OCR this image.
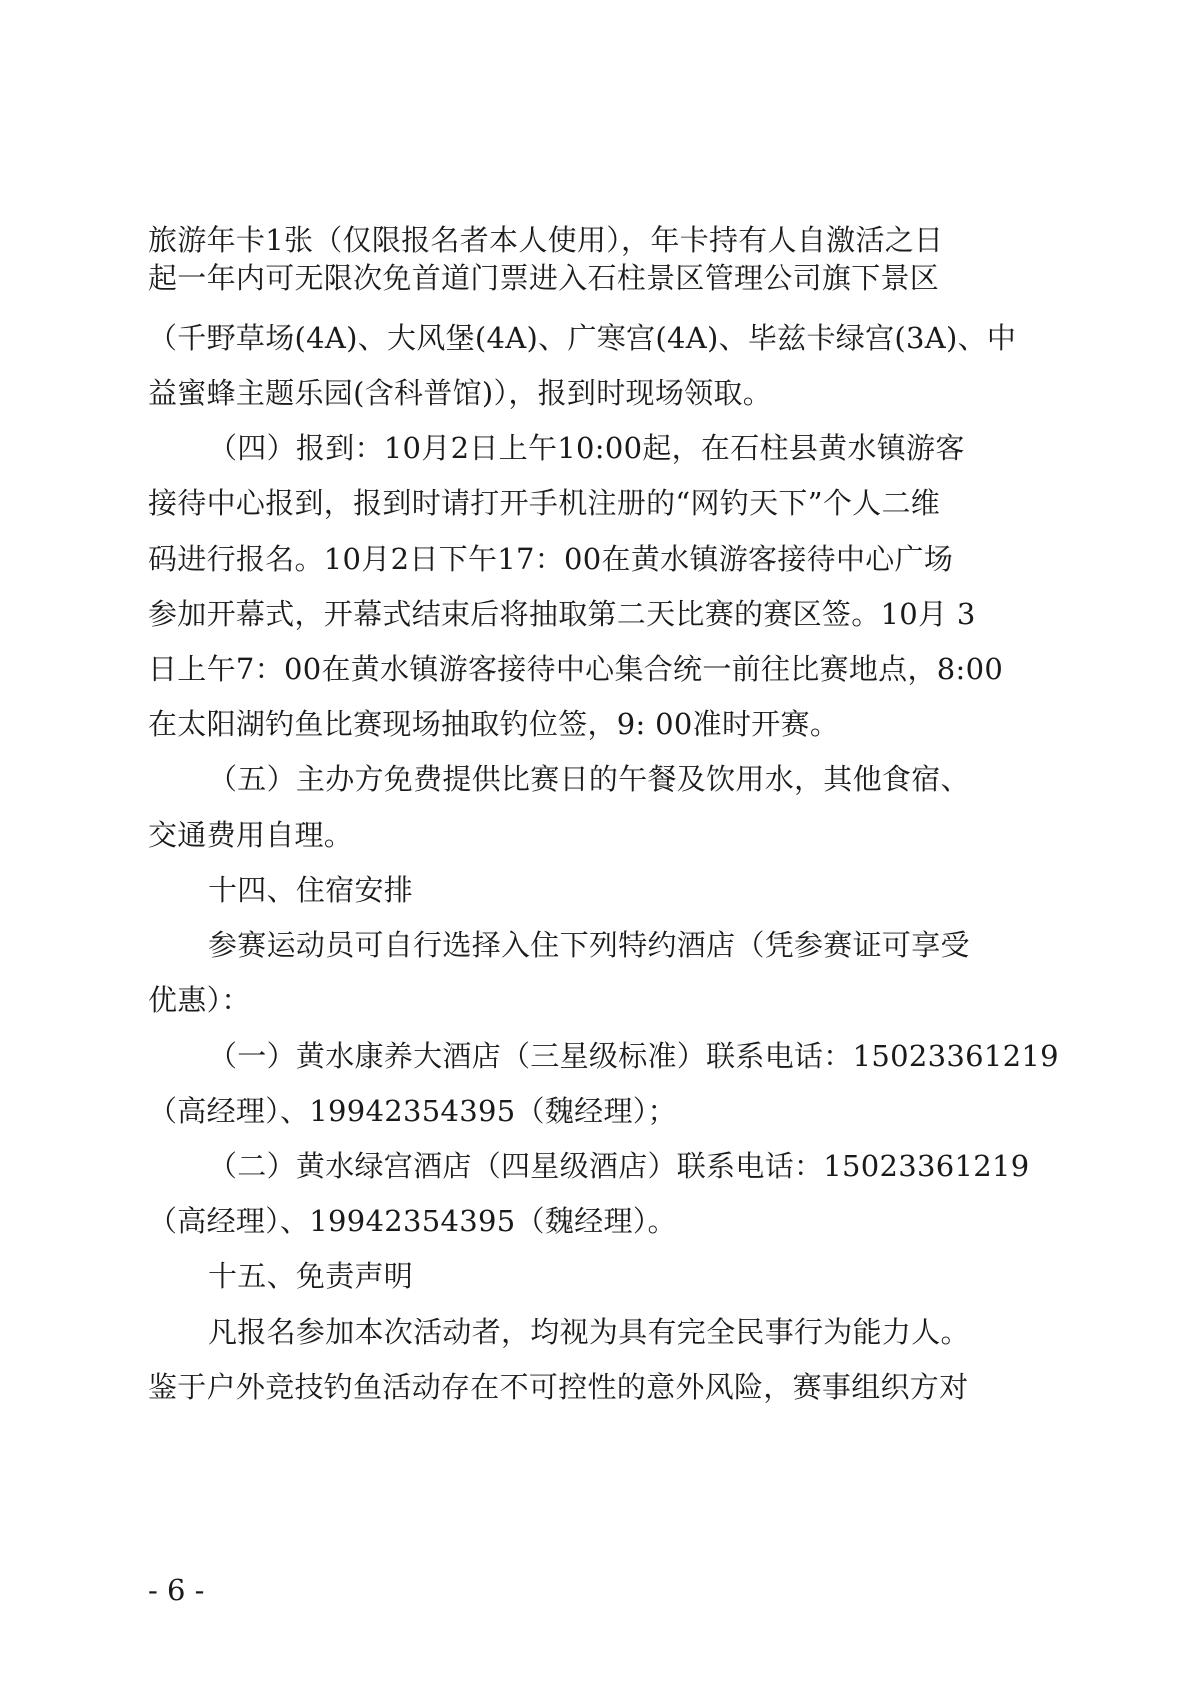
旅游年卡1张（仅限报名者本人使用），年卡持有人自激活之日
起一年内可无限次免首道门票进入石柱景区管理公司旗下景区
（千野草场(4A)、大风堡(4A)、广寒宫(4A)、毕兹卡绿宫(3A)、中
益蜜蜂主题乐园(含科普馆)），报到时现场领取。
（四）报到：10月2日上午10:00起，在石柱县黄水镇游客
接待中心报到，报到时请打开手机注册的“网钓天下”个人二维
码进行报名。10月2日下午17：00在黄水镇游客接待中心广场
参加开幕式，开幕式结束后将抽取第二天比赛的赛区签。10月 3
日上午7：00在黄水镇游客接待中心集合统一前往比赛地点，8:00
在太阳湖钓鱼比赛现场抽取钓位签，9: 00准时开赛。
（五）主办方免费提供比赛日的午餐及饮用水，其他食宿、
交通费用自理。
十四、住宿安排
参赛运动员可自行选择入住下列特约酒店（凭参赛证可享受
优惠）：
（一）黄水康养大酒店（三星级标准）联系电话：15023361219
（高经理）、19942354395（魏经理）；
（二）黄水绿宫酒店（四星级酒店）联系电话：15023361219
（高经理）、19942354395（魏经理）。
十五、免责声明
凡报名参加本次活动者，均视为具有完全民事行为能力人。
鉴于户外竞技钓鱼活动存在不可控性的意外风险，赛事组织方对
- 6 -
